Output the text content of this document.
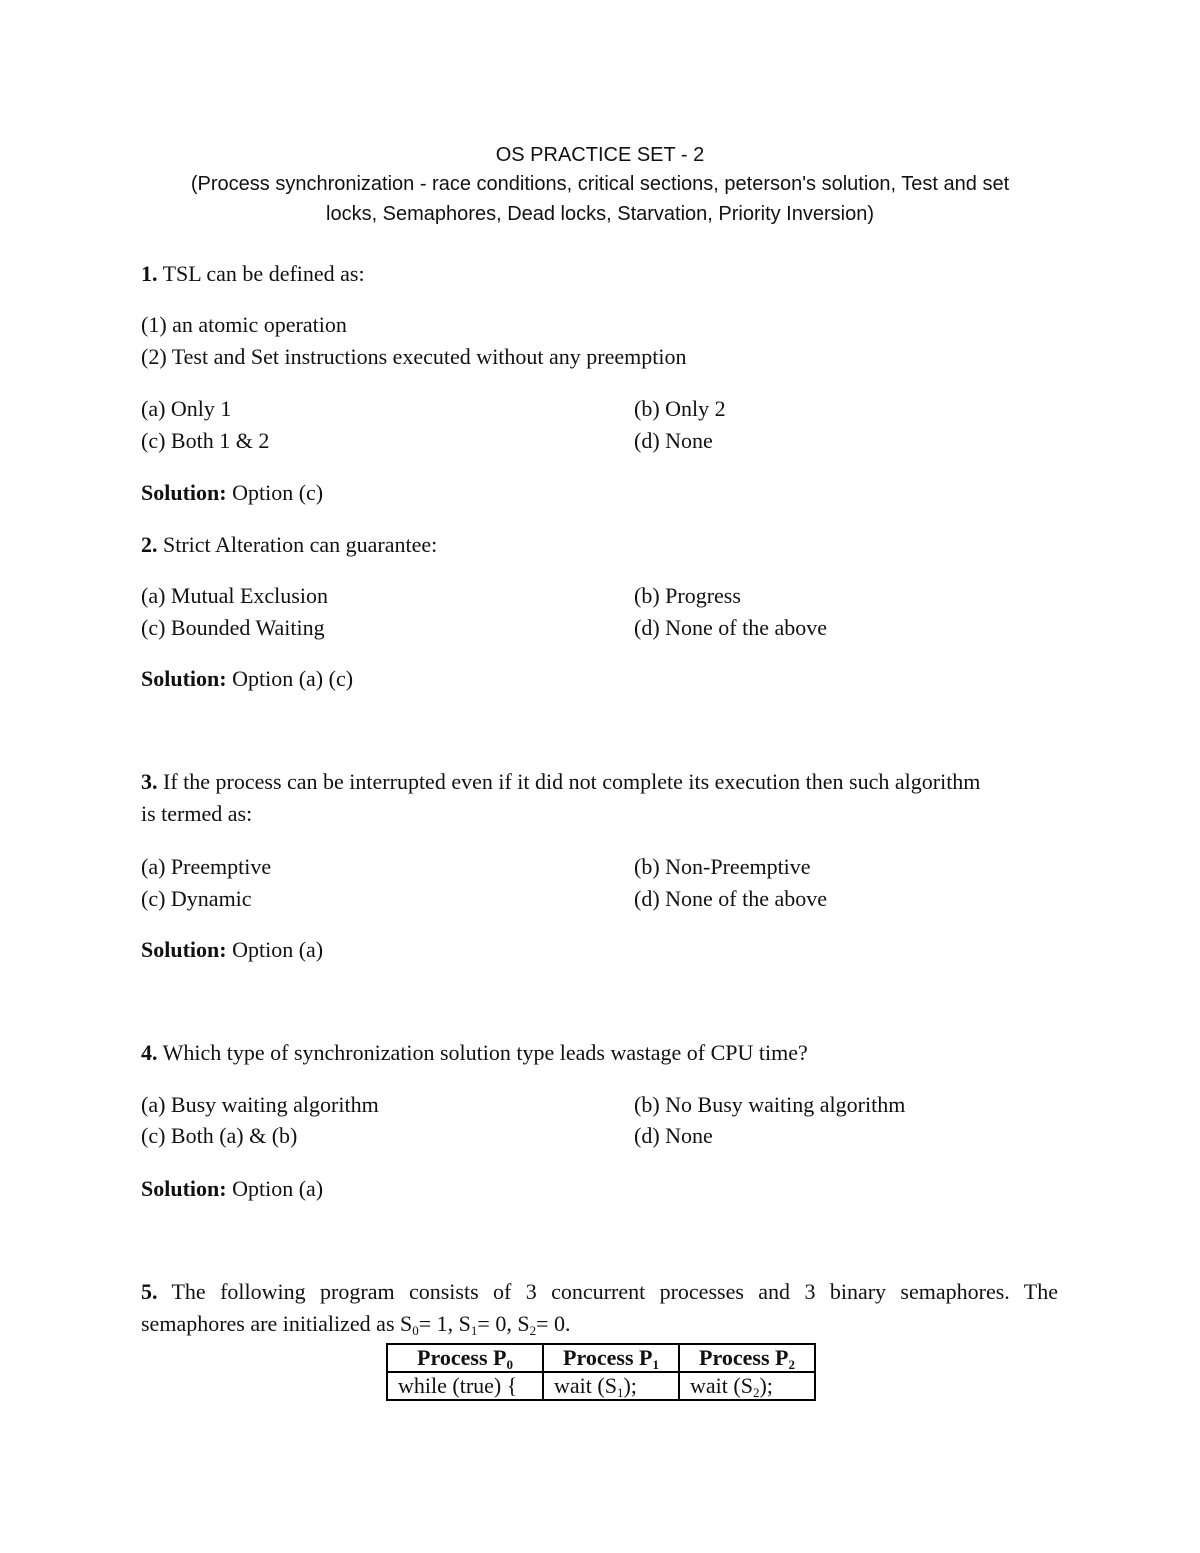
OS PRACTICE SET - 2
(Process synchronization - race conditions, critical sections, peterson's solution, Test and set
locks, Semaphores, Dead locks, Starvation, Priority Inversion)
1. TSL can be defined as:
(1) an atomic operation
(2) Test and Set instructions executed without any preemption
(a) Only 1	(b) Only 2
(c) Both 1 & 2	(d) None
Solution: Option (c)
2. Strict Alteration can guarantee:
(a) Mutual Exclusion	(b) Progress
(c) Bounded Waiting	(d) None of the above
Solution: Option (a) (c)
3. If the process can be interrupted even if it did not complete its execution then such algorithm
is termed as:
(a) Preemptive	(b) Non-Preemptive
(c) Dynamic	(d) None of the above
Solution: Option (a)
4. Which type of synchronization solution type leads wastage of CPU time?
(a) Busy waiting algorithm	(b) No Busy waiting algorithm
(c) Both (a) & (b)	(d) None
Solution: Option (a)
5. The following program consists of 3 concurrent processes and 3 binary semaphores. The
semaphores are initialized as $S_0= 1$, $S_1= 0$, $S_2= 0$.
Process $P_0$	Process $P_1$	Process $P_2$
while (true) {	wait $(S_1)$;	wait $(S_2)$;
